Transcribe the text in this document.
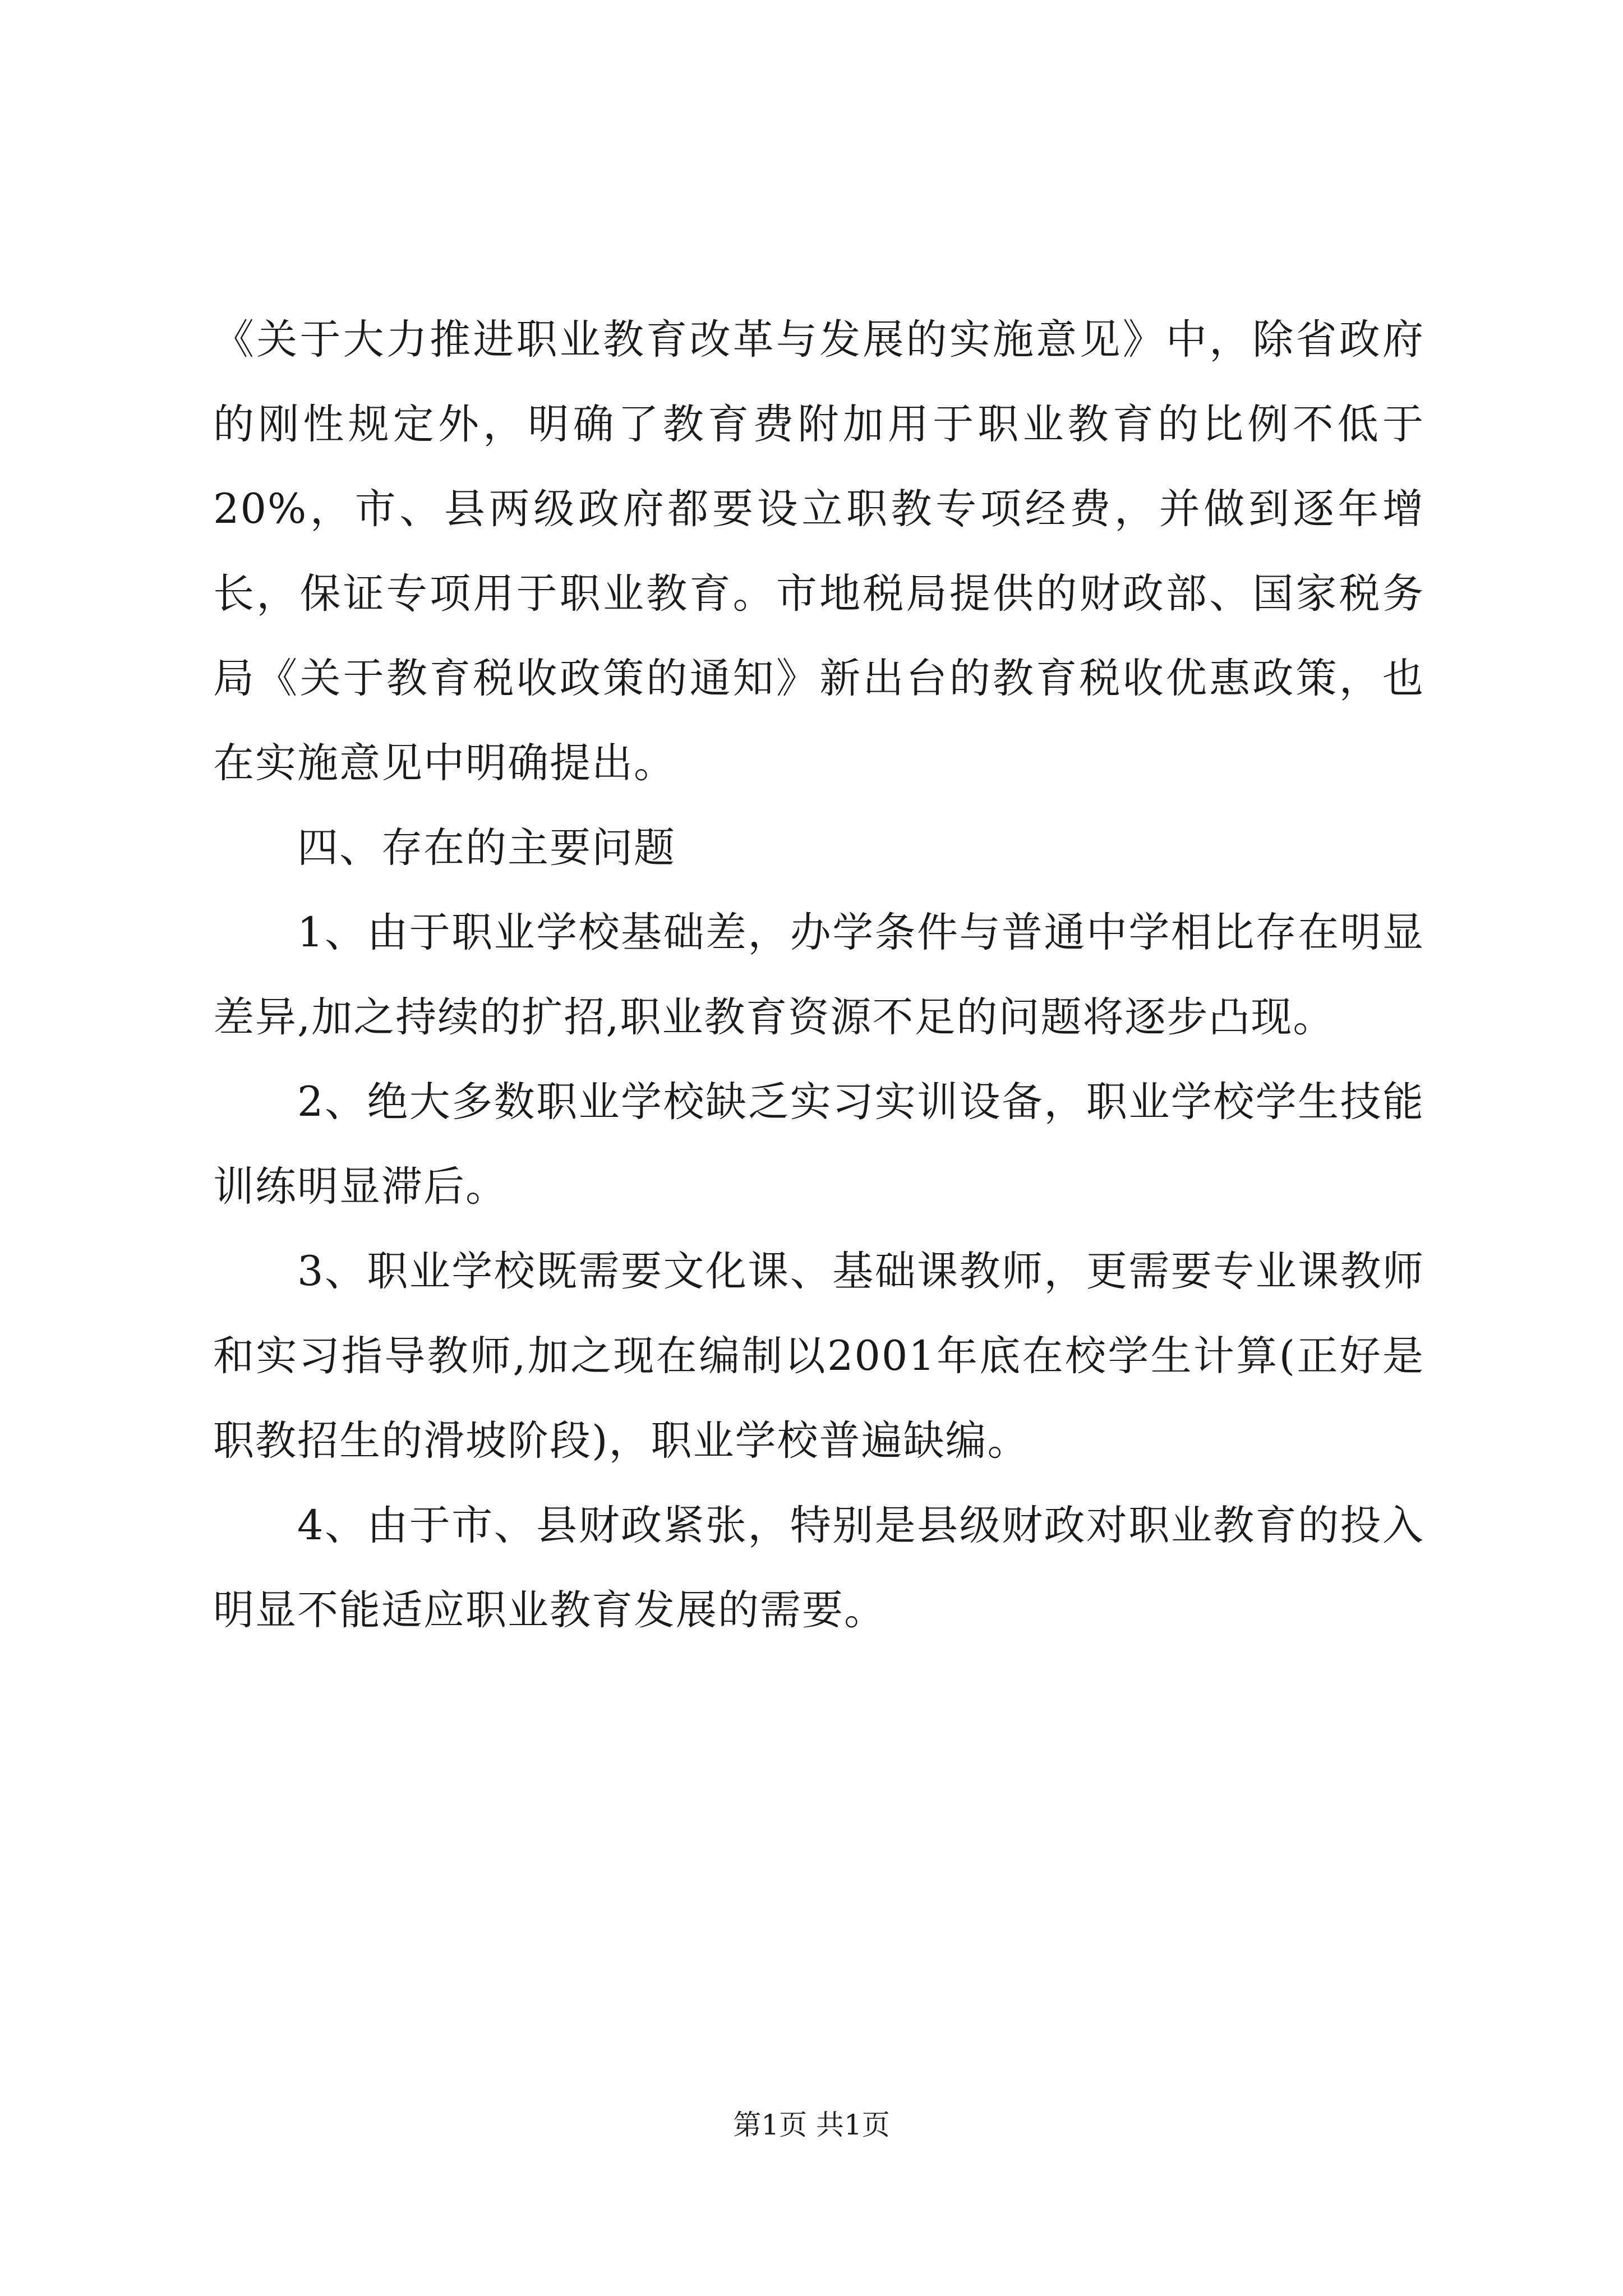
《关于大力推进职业教育改革与发展的实施意见》中，除省政府的刚性规定外，明确了教育费附加用于职业教育的比例不低于20%，市、县两级政府都要设立职教专项经费，并做到逐年增长，保证专项用于职业教育。市地税局提供的财政部、国家税务局《关于教育税收政策的通知》新出台的教育税收优惠政策，也在实施意见中明确提出。

四、存在的主要问题

1、由于职业学校基础差，办学条件与普通中学相比存在明显差异,加之持续的扩招,职业教育资源不足的问题将逐步凸现。

2、绝大多数职业学校缺乏实习实训设备，职业学校学生技能训练明显滞后。

3、职业学校既需要文化课、基础课教师，更需要专业课教师和实习指导教师,加之现在编制以2001年底在校学生计算(正好是职教招生的滑坡阶段)，职业学校普遍缺编。

4、由于市、县财政紧张，特别是县级财政对职业教育的投入明显不能适应职业教育发展的需要。

第1页 共1页
